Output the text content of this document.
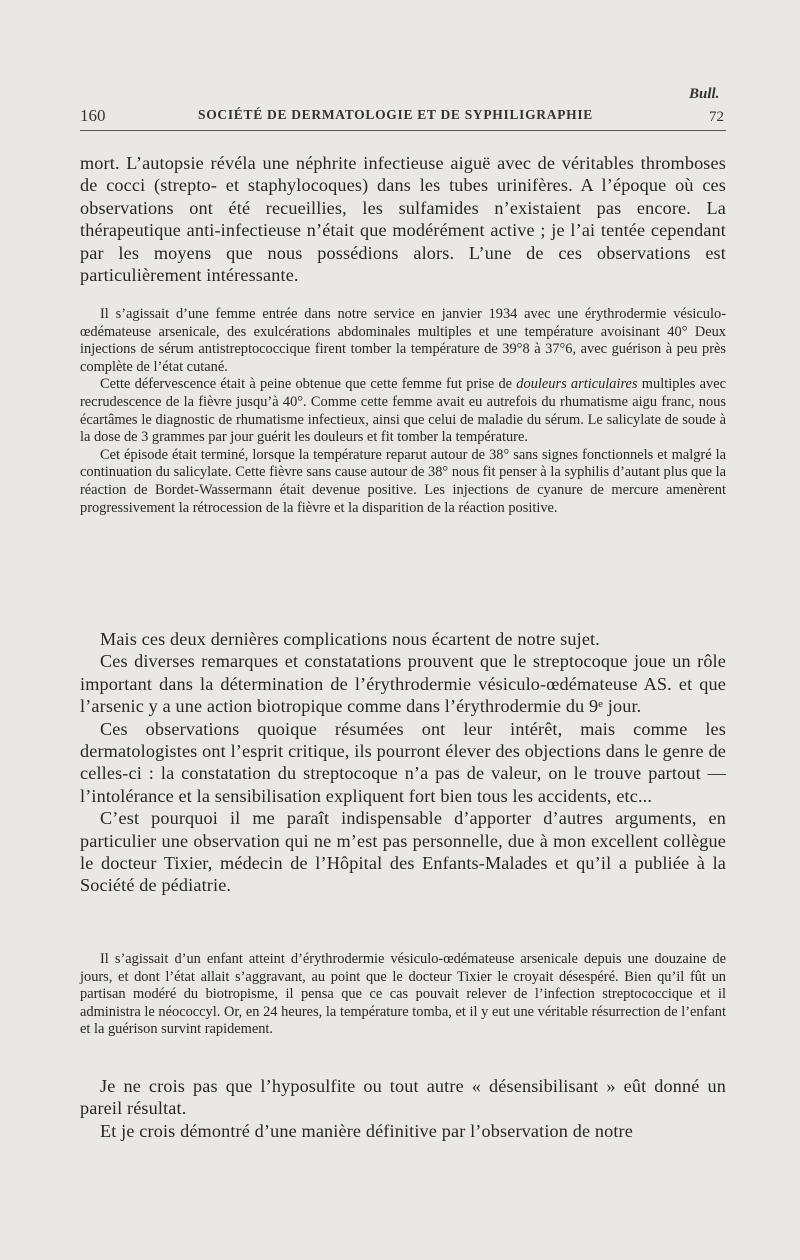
Bull.
160	SOCIÉTÉ DE DERMATOLOGIE ET DE SYPHILIGRAPHIE	72

mort. L’autopsie révéla une néphrite infectieuse aiguë avec de véritables thromboses de cocci (strepto- et staphylocoques) dans les tubes urinifères. A l’époque où ces observations ont été recueillies, les sulfamides n’existaient pas encore. La thérapeutique anti-infectieuse n’était que modérément active ; je l’ai tentée cependant par les moyens que nous possédions alors. L’une de ces observations est particulièrement intéressante.

Il s’agissait d’une femme entrée dans notre service en janvier 1934 avec une érythrodermie vésiculo-œdémateuse arsenicale, des exulcérations abdominales multiples et une température avoisinant 40° Deux injections de sérum antistreptococcique firent tomber la température de 39°8 à 37°6, avec guérison à peu près complète de l’état cutané.

Cette défervescence était à peine obtenue que cette femme fut prise de douleurs articulaires multiples avec recrudescence de la fièvre jusqu’à 40°. Comme cette femme avait eu autrefois du rhumatisme aigu franc, nous écartâmes le diagnostic de rhumatisme infectieux, ainsi que celui de maladie du sérum. Le salicylate de soude à la dose de 3 grammes par jour guérit les douleurs et fit tomber la température.

Cet épisode était terminé, lorsque la température reparut autour de 38° sans signes fonctionnels et malgré la continuation du salicylate. Cette fièvre sans cause autour de 38° nous fit penser à la syphilis d’autant plus que la réaction de Bordet-Wassermann était devenue positive. Les injections de cyanure de mercure amenèrent progressivement la rétrocession de la fièvre et la disparition de la réaction positive.

Mais ces deux dernières complications nous écartent de notre sujet.

Ces diverses remarques et constatations prouvent que le streptocoque joue un rôle important dans la détermination de l’érythrodermie vésiculo-œdémateuse AS. et que l’arsenic y a une action biotropique comme dans l’érythrodermie du 9ᵉ jour.

Ces observations quoique résumées ont leur intérêt, mais comme les dermatologistes ont l’esprit critique, ils pourront élever des objections dans le genre de celles-ci : la constatation du streptocoque n’a pas de valeur, on le trouve partout — l’intolérance et la sensibilisation expliquent fort bien tous les accidents, etc...

C’est pourquoi il me paraît indispensable d’apporter d’autres arguments, en particulier une observation qui ne m’est pas personnelle, due à mon excellent collègue le docteur Tixier, médecin de l’Hôpital des Enfants-Malades et qu’il a publiée à la Société de pédiatrie.

Il s’agissait d’un enfant atteint d’érythrodermie vésiculo-œdémateuse arsenicale depuis une douzaine de jours, et dont l’état allait s’aggravant, au point que le docteur Tixier le croyait désespéré. Bien qu’il fût un partisan modéré du biotropisme, il pensa que ce cas pouvait relever de l’infection streptococcique et il administra le néococcyl. Or, en 24 heures, la température tomba, et il y eut une véritable résurrection de l’enfant et la guérison survint rapidement.

Je ne crois pas que l’hyposulfite ou tout autre « désensibilisant » eût donné un pareil résultat.

Et je crois démontré d’une manière définitive par l’observation de notre
